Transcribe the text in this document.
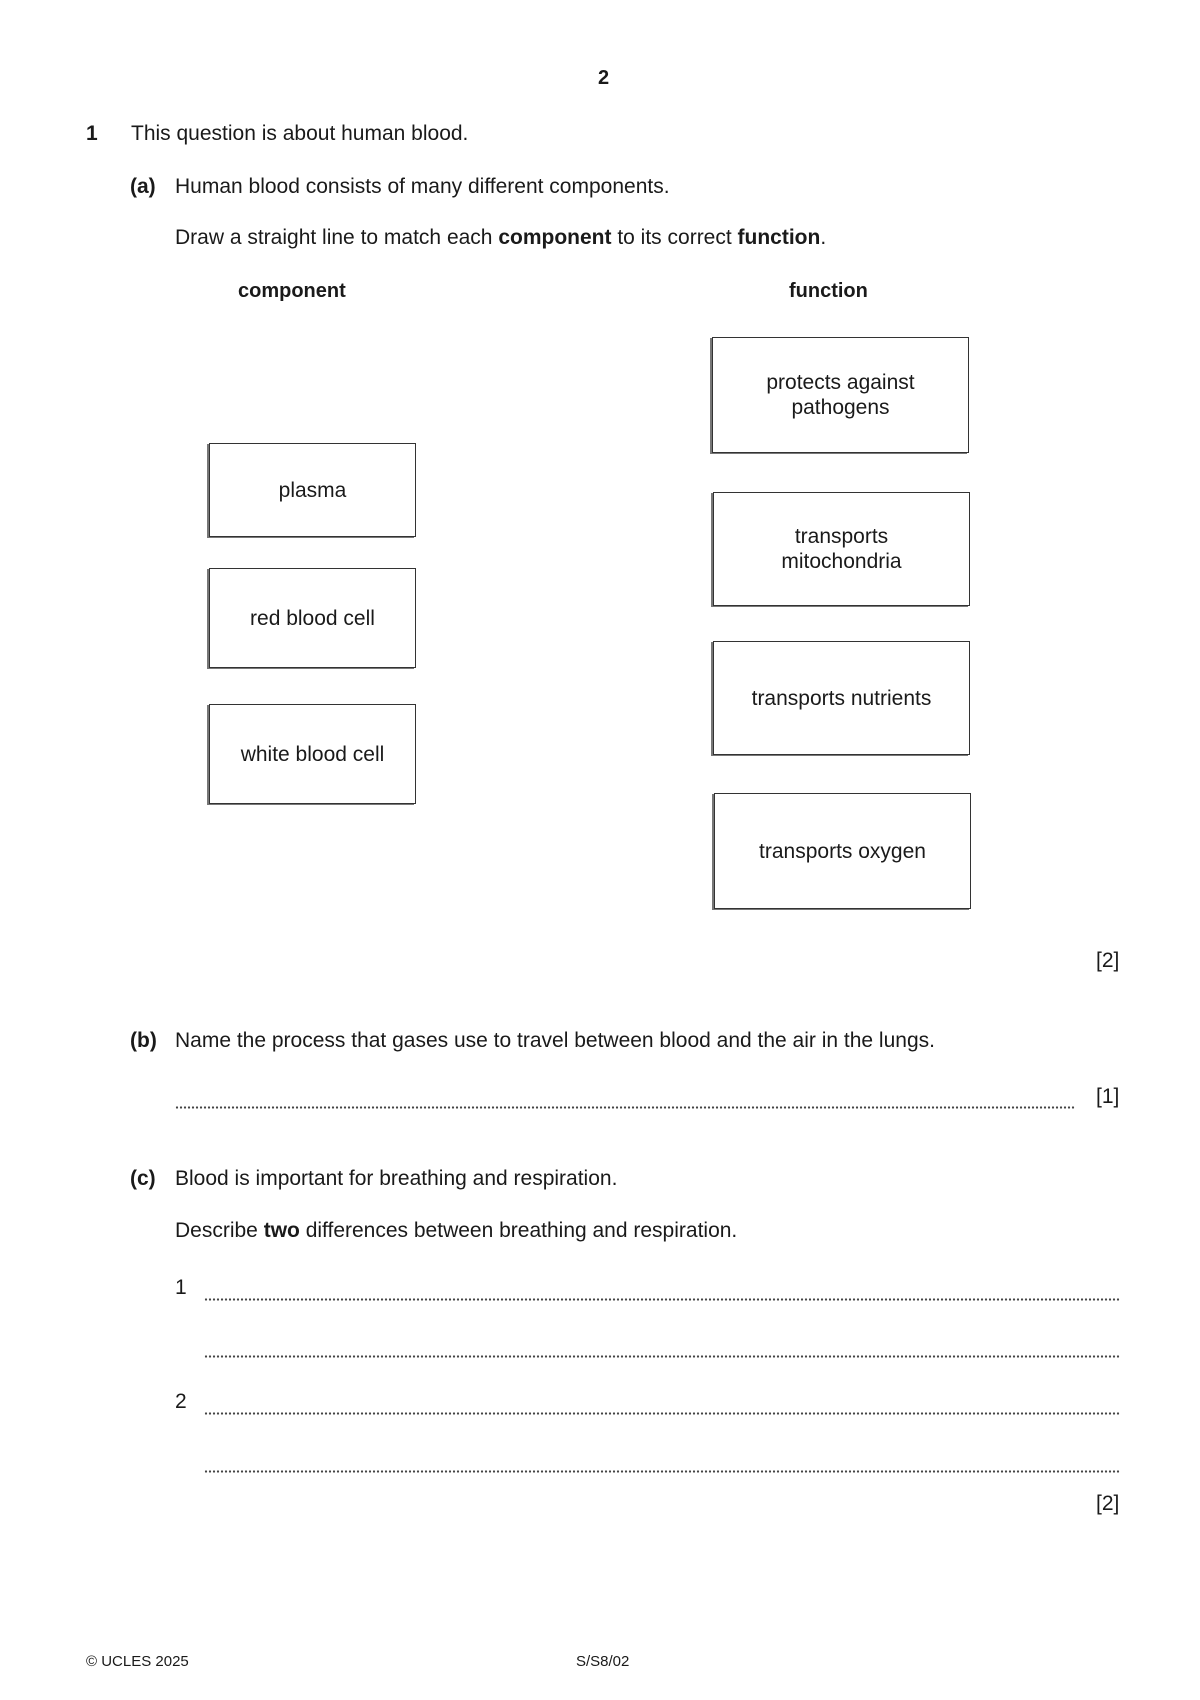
2
1 This question is about human blood.
(a) Human blood consists of many different components.
Draw a straight line to match each component to its correct function.
component	function
plasma
red blood cell
white blood cell
protects against pathogens
transports mitochondria
transports nutrients
transports oxygen
[2]
(b) Name the process that gases use to travel between blood and the air in the lungs.
[1]
(c) Blood is important for breathing and respiration.
Describe two differences between breathing and respiration.
1
2
[2]
© UCLES 2025	S/S8/02
